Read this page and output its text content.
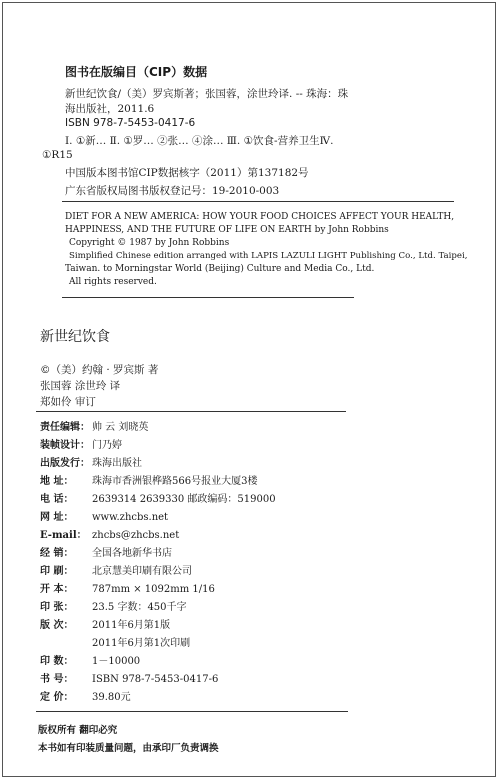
图书在版编目（CIP）数据
新世纪饮食/（美）罗宾斯著；张国蓉，涂世玲译. -- 珠海：珠
海出版社，2011.6
ISBN 978-7-5453-0417-6
Ⅰ. ①新… Ⅱ. ①罗… ②张… ④涂… Ⅲ. ①饮食-营养卫生Ⅳ.
①R15
中国版本图书馆CIP数据核字（2011）第137182号
广东省版权局图书版权登记号：19-2010-003
DIET FOR A NEW AMERICA: HOW YOUR FOOD CHOICES AFFECT YOUR HEALTH,
HAPPINESS, AND THE FUTURE OF LIFE ON EARTH by John Robbins
Copyright © 1987 by John Robbins
Simplified Chinese edition arranged with LAPIS LAZULI LIGHT Publishing Co., Ltd. Taipei,
Taiwan. to Morningstar World (Beijing) Culture and Media Co., Ltd.
All rights reserved.
新世纪饮食
©（美）约翰 · 罗宾斯 著
张国蓉 涂世玲 译
郑如伶 审订
责任编辑： 帅 云 刘晓英
装帧设计： 门乃婷
出版发行： 珠海出版社
地 址： 珠海市香洲银桦路566号报业大厦3楼
电 话： 2639314 2639330 邮政编码：519000
网 址： www.zhcbs.net
E-mail： zhcbs@zhcbs.net
经 销： 全国各地新华书店
印 刷： 北京慧美印刷有限公司
开 本： 787mm × 1092mm 1/16
印 张： 23.5 字数：450千字
版 次： 2011年6月第1版
2011年6月第1次印刷
印 数： 1－10000
书 号： ISBN 978-7-5453-0417-6
定 价： 39.80元
版权所有 翻印必究
本书如有印装质量问题，由承印厂负责调换
